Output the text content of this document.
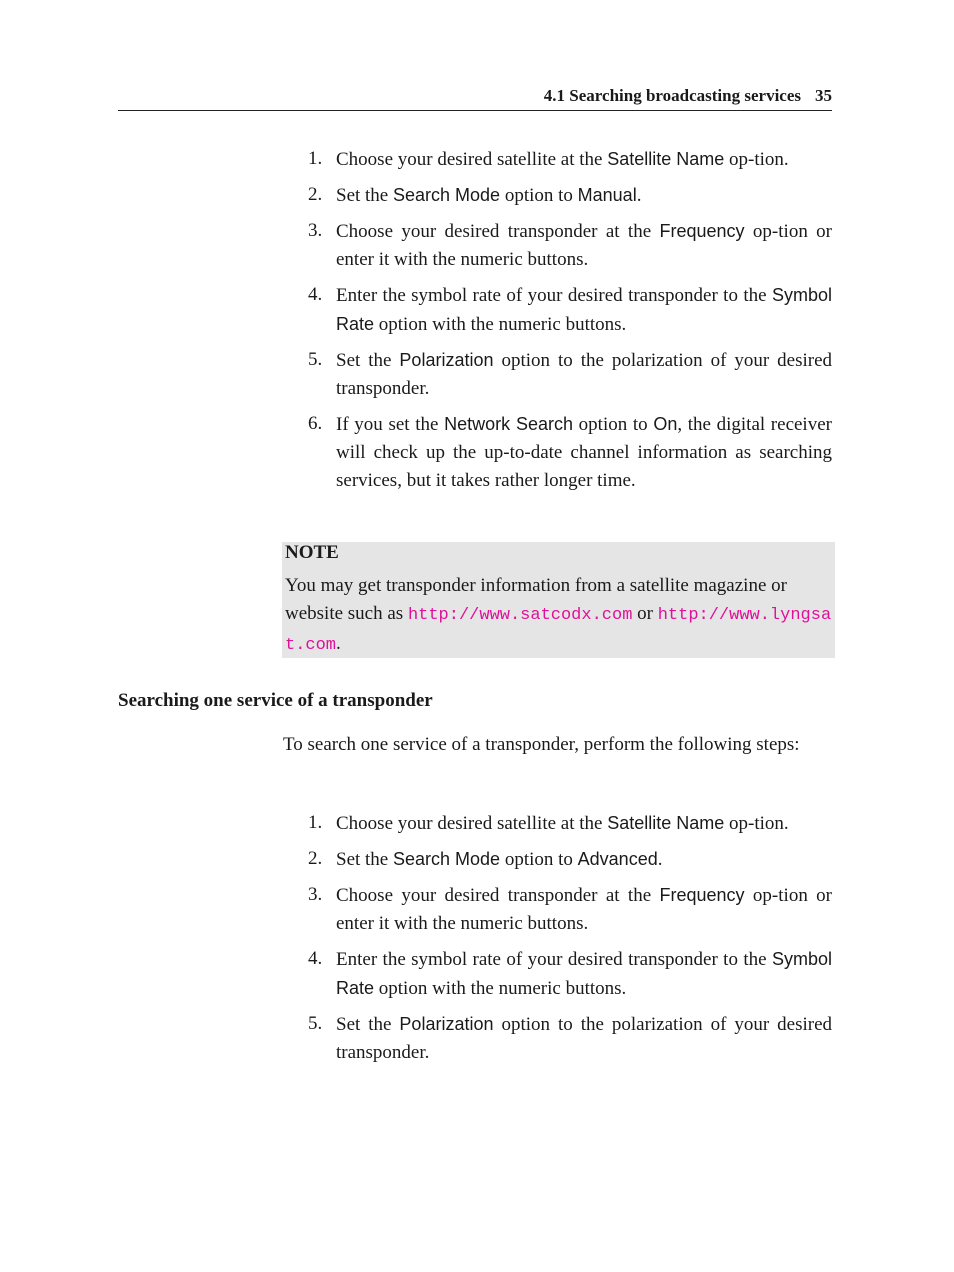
4.1 Searching broadcasting services 35
1. Choose your desired satellite at the Satellite Name op-tion.
2. Set the Search Mode option to Manual.
3. Choose your desired transponder at the Frequency op-tion or enter it with the numeric buttons.
4. Enter the symbol rate of your desired transponder to the Symbol Rate option with the numeric buttons.
5. Set the Polarization option to the polarization of your desired transponder.
6. If you set the Network Search option to On, the digital receiver will check up the up-to-date channel information as searching services, but it takes rather longer time.
NOTE
You may get transponder information from a satellite magazine or website such as http://www.satcodx.com or http://www.lyngsat.com.
Searching one service of a transponder

To search one service of a transponder, perform the following steps:

1. Choose your desired satellite at the Satellite Name op-tion.
2. Set the Search Mode option to Advanced.
3. Choose your desired transponder at the Frequency op-tion or enter it with the numeric buttons.
4. Enter the symbol rate of your desired transponder to the Symbol Rate option with the numeric buttons.
5. Set the Polarization option to the polarization of your desired transponder.
